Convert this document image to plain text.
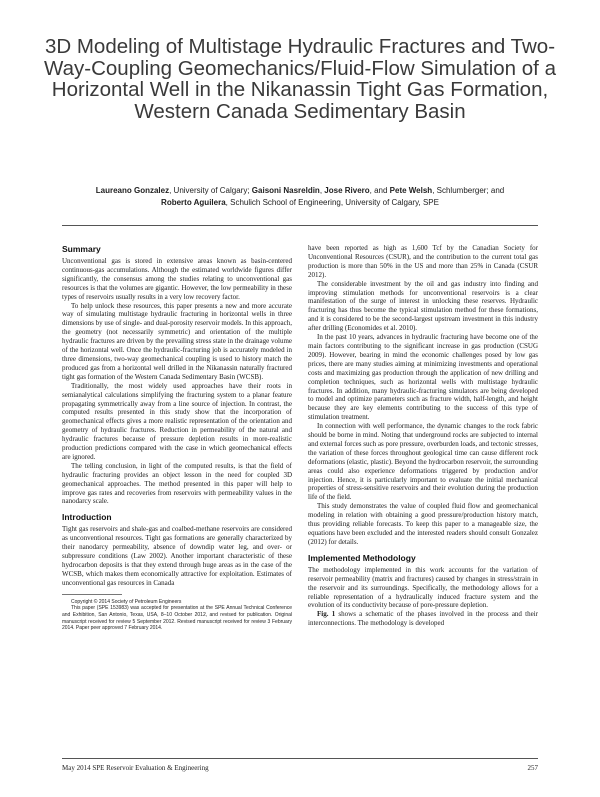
3D Modeling of Multistage Hydraulic Fractures and Two-Way-Coupling Geomechanics/Fluid-Flow Simulation of a Horizontal Well in the Nikanassin Tight Gas Formation, Western Canada Sedimentary Basin
Laureano Gonzalez, University of Calgary; Gaisoni Nasreldin, Jose Rivero, and Pete Welsh, Schlumberger; and
Roberto Aguilera, Schulich School of Engineering, University of Calgary, SPE
Summary

Unconventional gas is stored in extensive areas known as basin-centered continuous-gas accumulations. Although the estimated worldwide figures differ significantly, the consensus among the studies relating to unconventional gas resources is that the volumes are gigantic. However, the low permeability in these types of reservoirs usually results in a very low recovery factor.

To help unlock these resources, this paper presents a new and more accurate way of simulating multistage hydraulic fracturing in horizontal wells in three dimensions by use of single- and dual-porosity reservoir models. In this approach, the geometry (not necessarily symmetric) and orientation of the multiple hydraulic fractures are driven by the prevailing stress state in the drainage volume of the horizontal well. Once the hydraulic-fracturing job is accurately modeled in three dimensions, two-way geomechanical coupling is used to history match the produced gas from a horizontal well drilled in the Nikanassin naturally fractured tight gas formation of the Western Canada Sedimentary Basin (WCSB).

Traditionally, the most widely used approaches have their roots in semianalytical calculations simplifying the fracturing system to a planar feature propagating symmetrically away from a line source of injection. In contrast, the computed results presented in this study show that the incorporation of geomechanical effects gives a more realistic representation of the orientation and geometry of hydraulic fractures. Reduction in permeability of the natural and hydraulic fractures because of pressure depletion results in more-realistic production predictions compared with the case in which geomechanical effects are ignored.

The telling conclusion, in light of the computed results, is that the field of hydraulic fracturing provides an object lesson in the need for coupled 3D geomechanical approaches. The method presented in this paper will help to improve gas rates and recoveries from reservoirs with permeability values in the nanodarcy scale.

Introduction

Tight gas reservoirs and shale-gas and coalbed-methane reservoirs are considered as unconventional resources. Tight gas formations are generally characterized by their nanodarcy permeability, absence of downdip water leg, and over- or subpressure conditions (Law 2002). Another important characteristic of these hydrocarbon deposits is that they extend through huge areas as in the case of the WCSB, which makes them economically attractive for exploitation. Estimates of unconventional gas resources in Canada

Copyright © 2014 Society of Petroleum Engineers

This paper (SPE 153983) was accepted for presentation at the SPE Annual Technical Conference and Exhibition, San Antonio, Texas, USA, 8–10 October 2012, and revised for publication. Original manuscript received for review 5 September 2012. Revised manuscript received for review 3 February 2014. Paper peer approved 7 February 2014.

have been reported as high as 1,600 Tcf by the Canadian Society for Unconventional Resources (CSUR), and the contribution to the current total gas production is more than 50% in the US and more than 25% in Canada (CSUR 2012).

The considerable investment by the oil and gas industry into finding and improving stimulation methods for unconventional reservoirs is a clear manifestation of the surge of interest in unlocking these reserves. Hydraulic fracturing has thus become the typical stimulation method for these formations, and it is considered to be the second-largest upstream investment in this industry after drilling (Economides et al. 2010).

In the past 10 years, advances in hydraulic fracturing have become one of the main factors contributing to the significant increase in gas production (CSUG 2009). However, bearing in mind the economic challenges posed by low gas prices, there are many studies aiming at minimizing investments and operational costs and maximizing gas production through the application of new drilling and completion techniques, such as horizontal wells with multistage hydraulic fractures. In addition, many hydraulic-fracturing simulators are being developed to model and optimize parameters such as fracture width, half-length, and height because they are key elements contributing to the success of this type of stimulation treatment.

In connection with well performance, the dynamic changes to the rock fabric should be borne in mind. Noting that underground rocks are subjected to internal and external forces such as pore pressure, overburden loads, and tectonic stresses, the variation of these forces throughout geological time can cause different rock deformations (elastic, plastic). Beyond the hydrocarbon reservoir, the surrounding areas could also experience deformations triggered by production and/or injection. Hence, it is particularly important to evaluate the initial mechanical properties of stress-sensitive reservoirs and their evolution during the production life of the field.

This study demonstrates the value of coupled fluid flow and geomechanical modeling in relation with obtaining a good pressure/production history match, thus providing reliable forecasts. To keep this paper to a manageable size, the equations have been excluded and the interested readers should consult Gonzalez (2012) for details.

Implemented Methodology

The methodology implemented in this work accounts for the variation of reservoir permeability (matrix and fractures) caused by changes in stress/strain in the reservoir and its surroundings. Specifically, the methodology allows for a reliable representation of a hydraulically induced fracture system and the evolution of its conductivity because of pore-pressure depletion.

Fig. 1 shows a schematic of the phases involved in the process and their interconnections. The methodology is developed

May 2014 SPE Reservoir Evaluation & Engineering	257
